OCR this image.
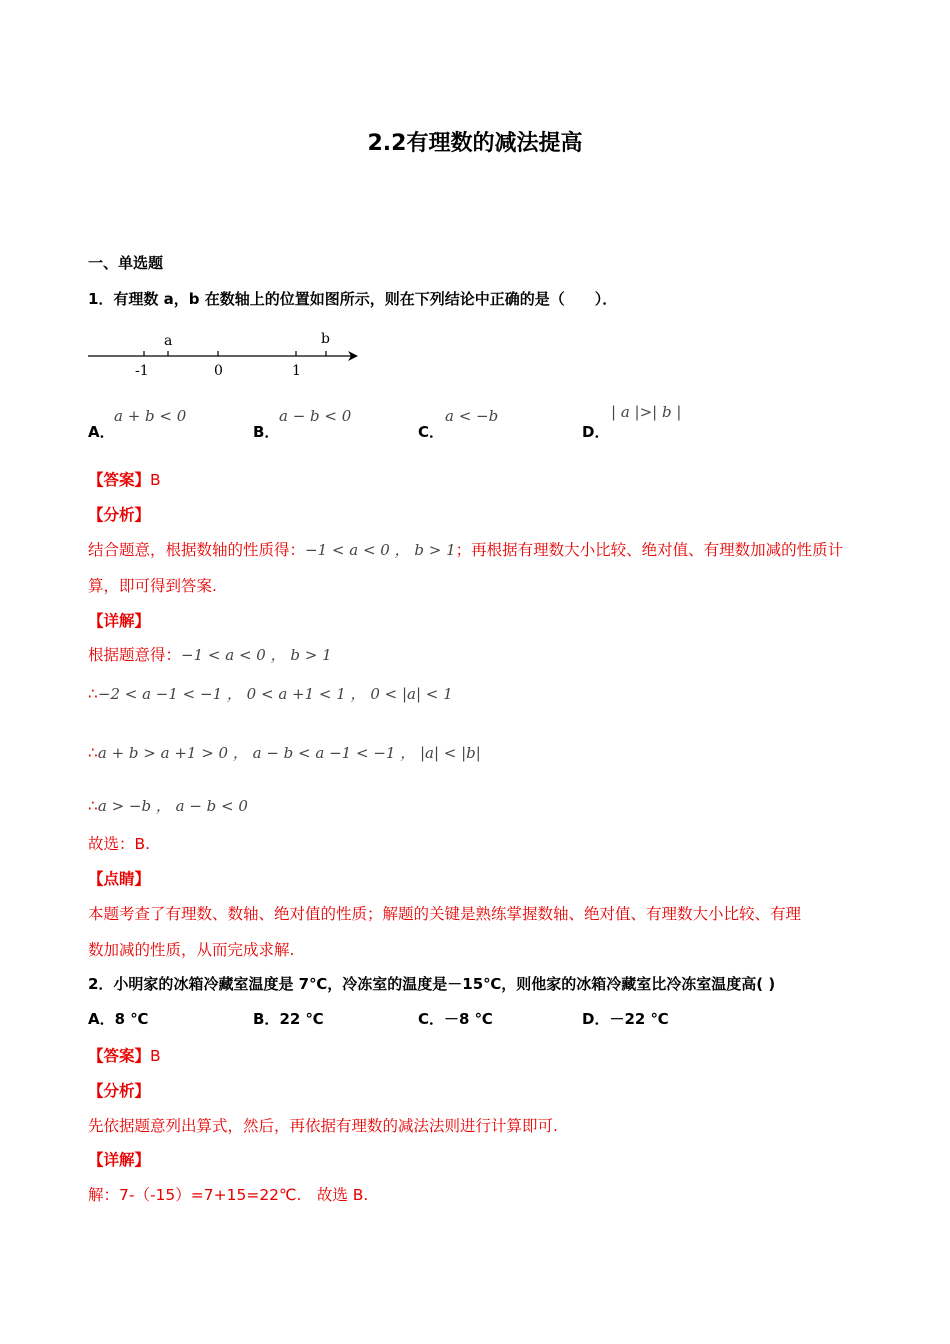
2.2有理数的减法提高
一、单选题
1．有理数 a，b 在数轴上的位置如图所示，则在下列结论中正确的是（　　）．
a	b
-1	0	1
A．
a + b < 0
B．
a − b < 0
C．
a < −b
D．
| a |>| b |
【答案】B
【分析】
结合题意，根据数轴的性质得：−1 < a < 0 ， b > 1；再根据有理数大小比较、绝对值、有理数加减的性质计
算，即可得到答案.
【详解】
根据题意得：−1 < a < 0 ， b > 1
∴−2 < a −1 < −1 ， 0 < a +1 < 1 ， 0 < |a| < 1
∴a + b > a +1 > 0 ， a − b < a −1 < −1 ， |a| < |b|
∴a > −b ， a − b < 0
故选：B.
【点睛】
本题考查了有理数、数轴、绝对值的性质；解题的关键是熟练掌握数轴、绝对值、有理数大小比较、有理
数加减的性质，从而完成求解.
2．小明家的冰箱冷藏室温度是 7℃，冷冻室的温度是－15℃，则他家的冰箱冷藏室比冷冻室温度高( )
A．8 ℃	B．22 ℃	C．－8 ℃	D．－22 ℃
【答案】B
【分析】
先依据题意列出算式，然后，再依据有理数的减法法则进行计算即可.
【详解】
解：7-（-15）=7+15=22℃.　故选 B.
